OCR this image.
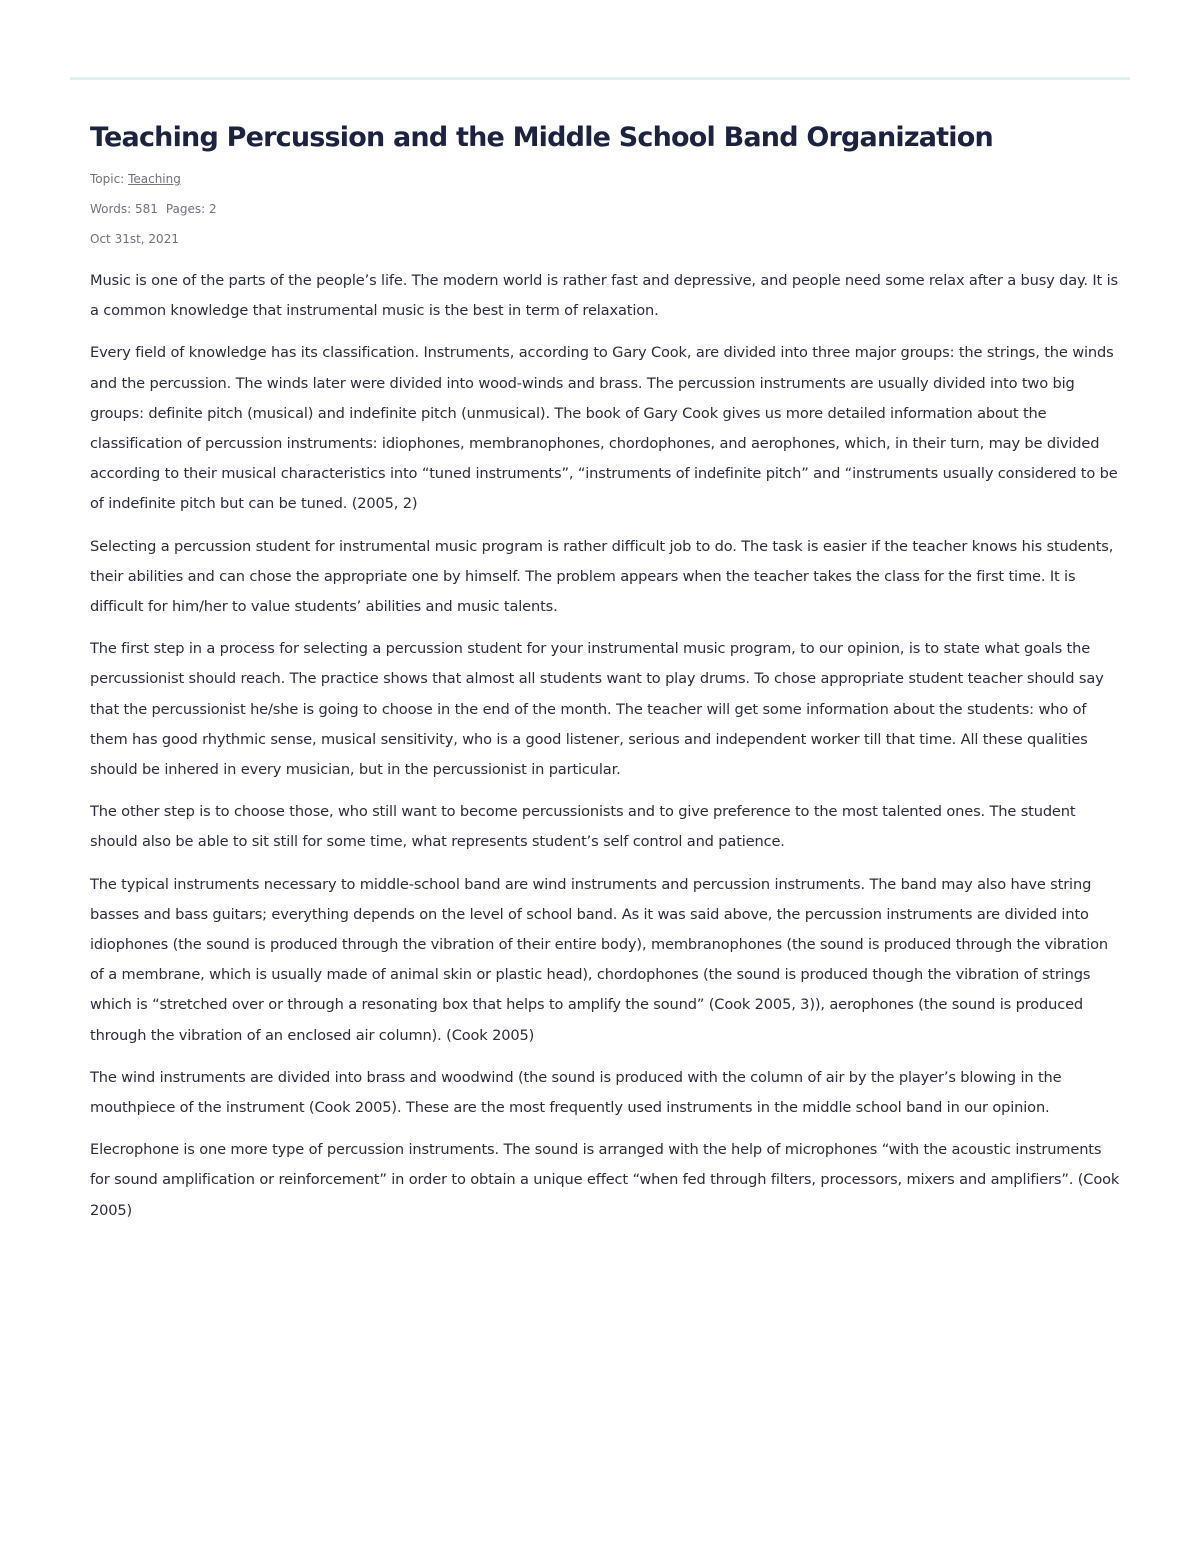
Teaching Percussion and the Middle School Band Organization
Topic: Teaching
Words: 581 Pages: 2
Oct 31st, 2021

Music is one of the parts of the people’s life. The modern world is rather fast and depressive, and people need some relax after a busy day. It is a common knowledge that instrumental music is the best in term of relaxation.

Every field of knowledge has its classification. Instruments, according to Gary Cook, are divided into three major groups: the strings, the winds and the percussion. The winds later were divided into wood-winds and brass. The percussion instruments are usually divided into two big groups: definite pitch (musical) and indefinite pitch (unmusical). The book of Gary Cook gives us more detailed information about the classification of percussion instruments: idiophones, membranophones, chordophones, and aerophones, which, in their turn, may be divided according to their musical characteristics into “tuned instruments”, “instruments of indefinite pitch” and “instruments usually considered to be of indefinite pitch but can be tuned. (2005, 2)

Selecting a percussion student for instrumental music program is rather difficult job to do. The task is easier if the teacher knows his students, their abilities and can chose the appropriate one by himself. The problem appears when the teacher takes the class for the first time. It is difficult for him/her to value students’ abilities and music talents.

The first step in a process for selecting a percussion student for your instrumental music program, to our opinion, is to state what goals the percussionist should reach. The practice shows that almost all students want to play drums. To chose appropriate student teacher should say that the percussionist he/she is going to choose in the end of the month. The teacher will get some information about the students: who of them has good rhythmic sense, musical sensitivity, who is a good listener, serious and independent worker till that time. All these qualities should be inhered in every musician, but in the percussionist in particular.

The other step is to choose those, who still want to become percussionists and to give preference to the most talented ones. The student should also be able to sit still for some time, what represents student’s self control and patience.

The typical instruments necessary to middle-school band are wind instruments and percussion instruments. The band may also have string basses and bass guitars; everything depends on the level of school band. As it was said above, the percussion instruments are divided into idiophones (the sound is produced through the vibration of their entire body), membranophones (the sound is produced through the vibration of a membrane, which is usually made of animal skin or plastic head), chordophones (the sound is produced though the vibration of strings which is “stretched over or through a resonating box that helps to amplify the sound” (Cook 2005, 3)), aerophones (the sound is produced through the vibration of an enclosed air column). (Cook 2005)

The wind instruments are divided into brass and woodwind (the sound is produced with the column of air by the player’s blowing in the mouthpiece of the instrument (Cook 2005). These are the most frequently used instruments in the middle school band in our opinion.

Elecrophone is one more type of percussion instruments. The sound is arranged with the help of microphones “with the acoustic instruments for sound amplification or reinforcement” in order to obtain a unique effect “when fed through filters, processors, mixers and amplifiers”. (Cook 2005)
